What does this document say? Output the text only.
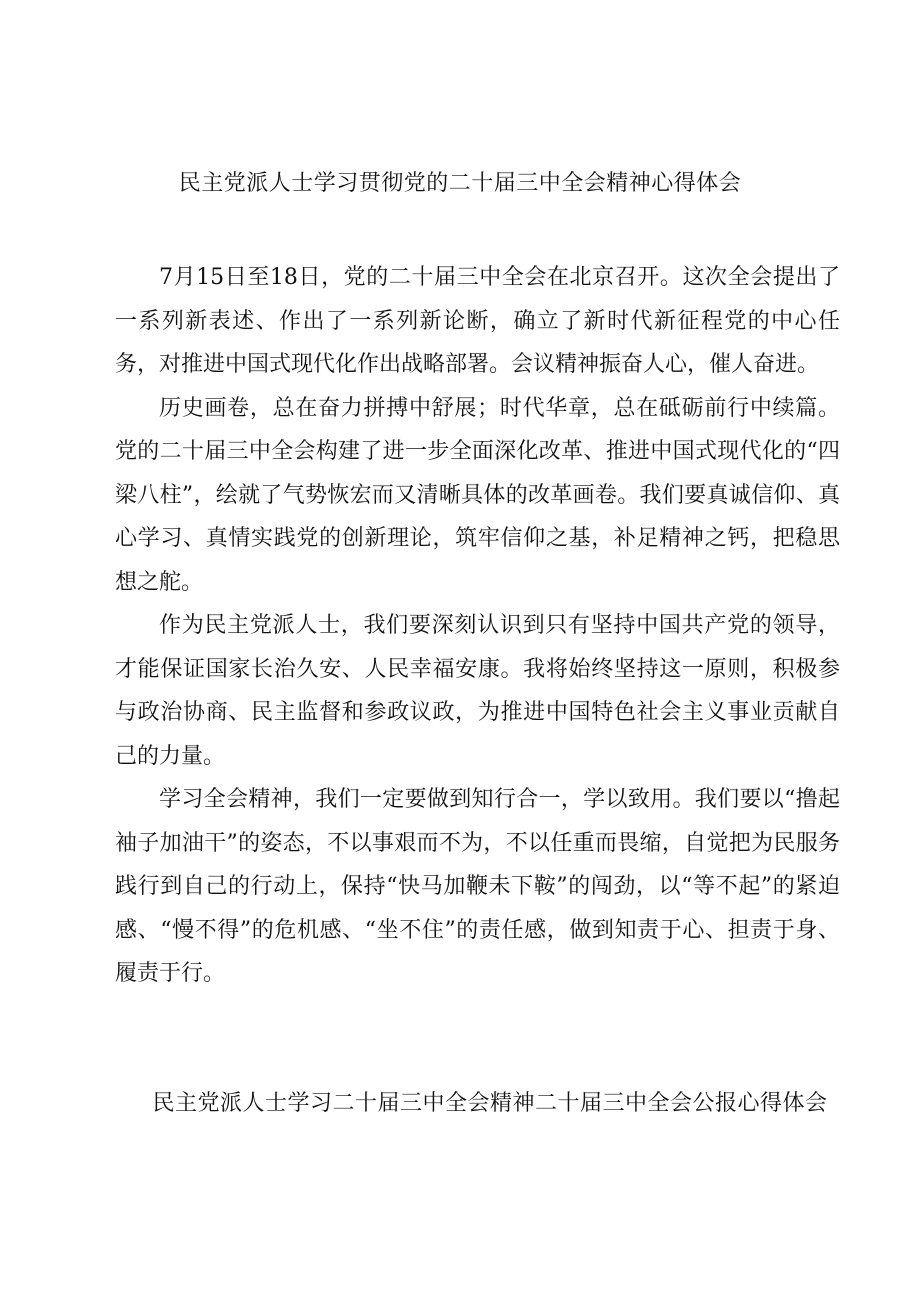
民主党派人士学习贯彻党的二十届三中全会精神心得体会

7月15日至18日，党的二十届三中全会在北京召开。这次全会提出了一系列新表述、作出了一系列新论断，确立了新时代新征程党的中心任务，对推进中国式现代化作出战略部署。会议精神振奋人心，催人奋进。

历史画卷，总在奋力拼搏中舒展；时代华章，总在砥砺前行中续篇。党的二十届三中全会构建了进一步全面深化改革、推进中国式现代化的“四梁八柱”，绘就了气势恢宏而又清晰具体的改革画卷。我们要真诚信仰、真心学习、真情实践党的创新理论，筑牢信仰之基，补足精神之钙，把稳思想之舵。

作为民主党派人士，我们要深刻认识到只有坚持中国共产党的领导，才能保证国家长治久安、人民幸福安康。我将始终坚持这一原则，积极参与政治协商、民主监督和参政议政，为推进中国特色社会主义事业贡献自己的力量。

学习全会精神，我们一定要做到知行合一，学以致用。我们要以“撸起袖子加油干”的姿态，不以事艰而不为，不以任重而畏缩，自觉把为民服务践行到自己的行动上，保持“快马加鞭未下鞍”的闯劲，以“等不起”的紧迫感、“慢不得”的危机感、“坐不住”的责任感，做到知责于心、担责于身、履责于行。

民主党派人士学习二十届三中全会精神二十届三中全会公报心得体会
